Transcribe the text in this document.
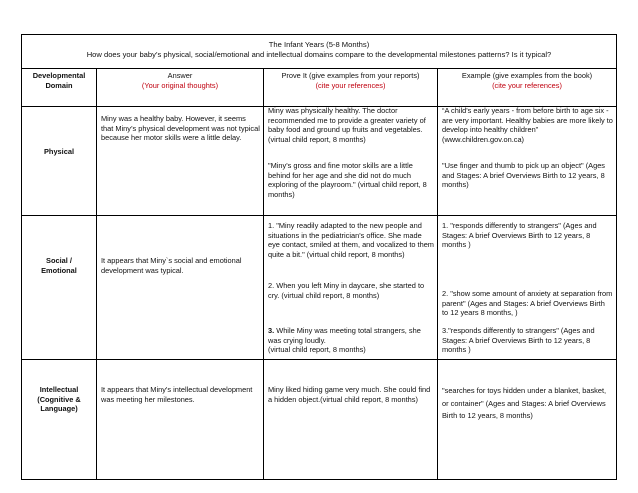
The Infant Years (5-8 Months)
How does your baby’s physical, social/emotional and intellectual domains compare to the developmental milestones patterns? Is it typical?
Developmental Domain
Answer
(Your original thoughts)
Prove It (give examples from your reports)
(cite your references)
Example (give examples from the book)
(cite your references)
Physical
Miny was a healthy baby. However, it seems that Miny’s physical development was not typical because her motor skills were a little delay.
Miny was physically healthy. The doctor recommended me to provide a greater variety of baby food and ground up fruits and vegetables. (virtual child report, 8 months)
"Miny's gross and fine motor skills are a little behind for her age and she did not do much exploring of the playroom." (virtual child report, 8 months)
“A child's early years - from before birth to age six - are very important. Healthy babies are more likely to develop into healthy children” (www.children.gov.on.ca)
"Use finger and thumb to pick up an object" (Ages and Stages: A brief Overviews Birth to 12 years, 8 months)
Social / Emotional
It appears that Miny`s social and emotional development was typical.
1. "Miny readily adapted to the new people and situations in the pediatrician's office. She made eye contact, smiled at them, and vocalized to them quite a bit." (virtual child report, 8 months)
2. When you left Miny in daycare, she started to cry. (virtual child report, 8 months)
3. While Miny was meeting total strangers, she was crying loudly.
(virtual child report, 8 months)
1. "responds differently to strangers" (Ages and Stages: A brief Overviews Birth to 12 years, 8 months )
2. "show some amount of anxiety at separation from parent" (Ages and Stages: A brief Overviews Birth to 12 years 8 months, )
3."responds differently to strangers" (Ages and Stages: A brief Overviews Birth to 12 years, 8 months )
Intellectual (Cognitive & Language)
It appears that Miny's intellectual development was meeting her milestones.
Miny liked hiding game very much. She could find a hidden object.(virtual child report, 8 months)
"searches for toys hidden under a blanket, basket, or container" (Ages and Stages: A brief Overviews Birth to 12 years, 8 months)
